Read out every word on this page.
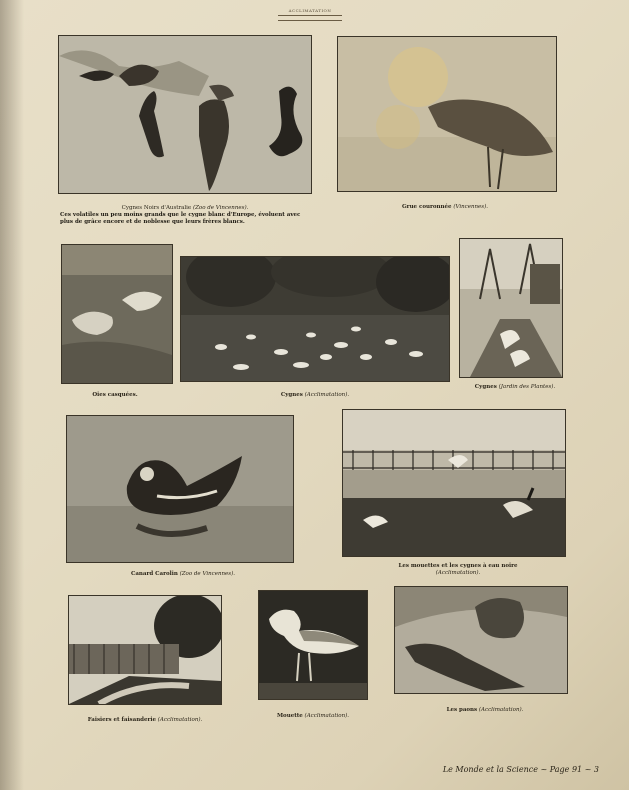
ACCLIMATATION
Cygnes Noirs d'Australie (Zoo de Vincennes).
Ces volatiles un peu moins grands que le cygne blanc d'Europe, évoluent avec plus de grâce encore et de noblesse que leurs frères blancs.
Grue couronnée (Vincennes).
Oies casquées.	Cygnes (Acclimatation).
Cygnes (Jardin des Plantes).
Canard Carolin (Zoo de Vincennes).
Les mouettes et les cygnes à eau noire (Acclimatation).
Faisiers et faisanderie (Acclimatation).
Mouette (Acclimatation).
Les paons (Acclimatation).
Le Monde et la Science ~ Page 91 ~ 3
